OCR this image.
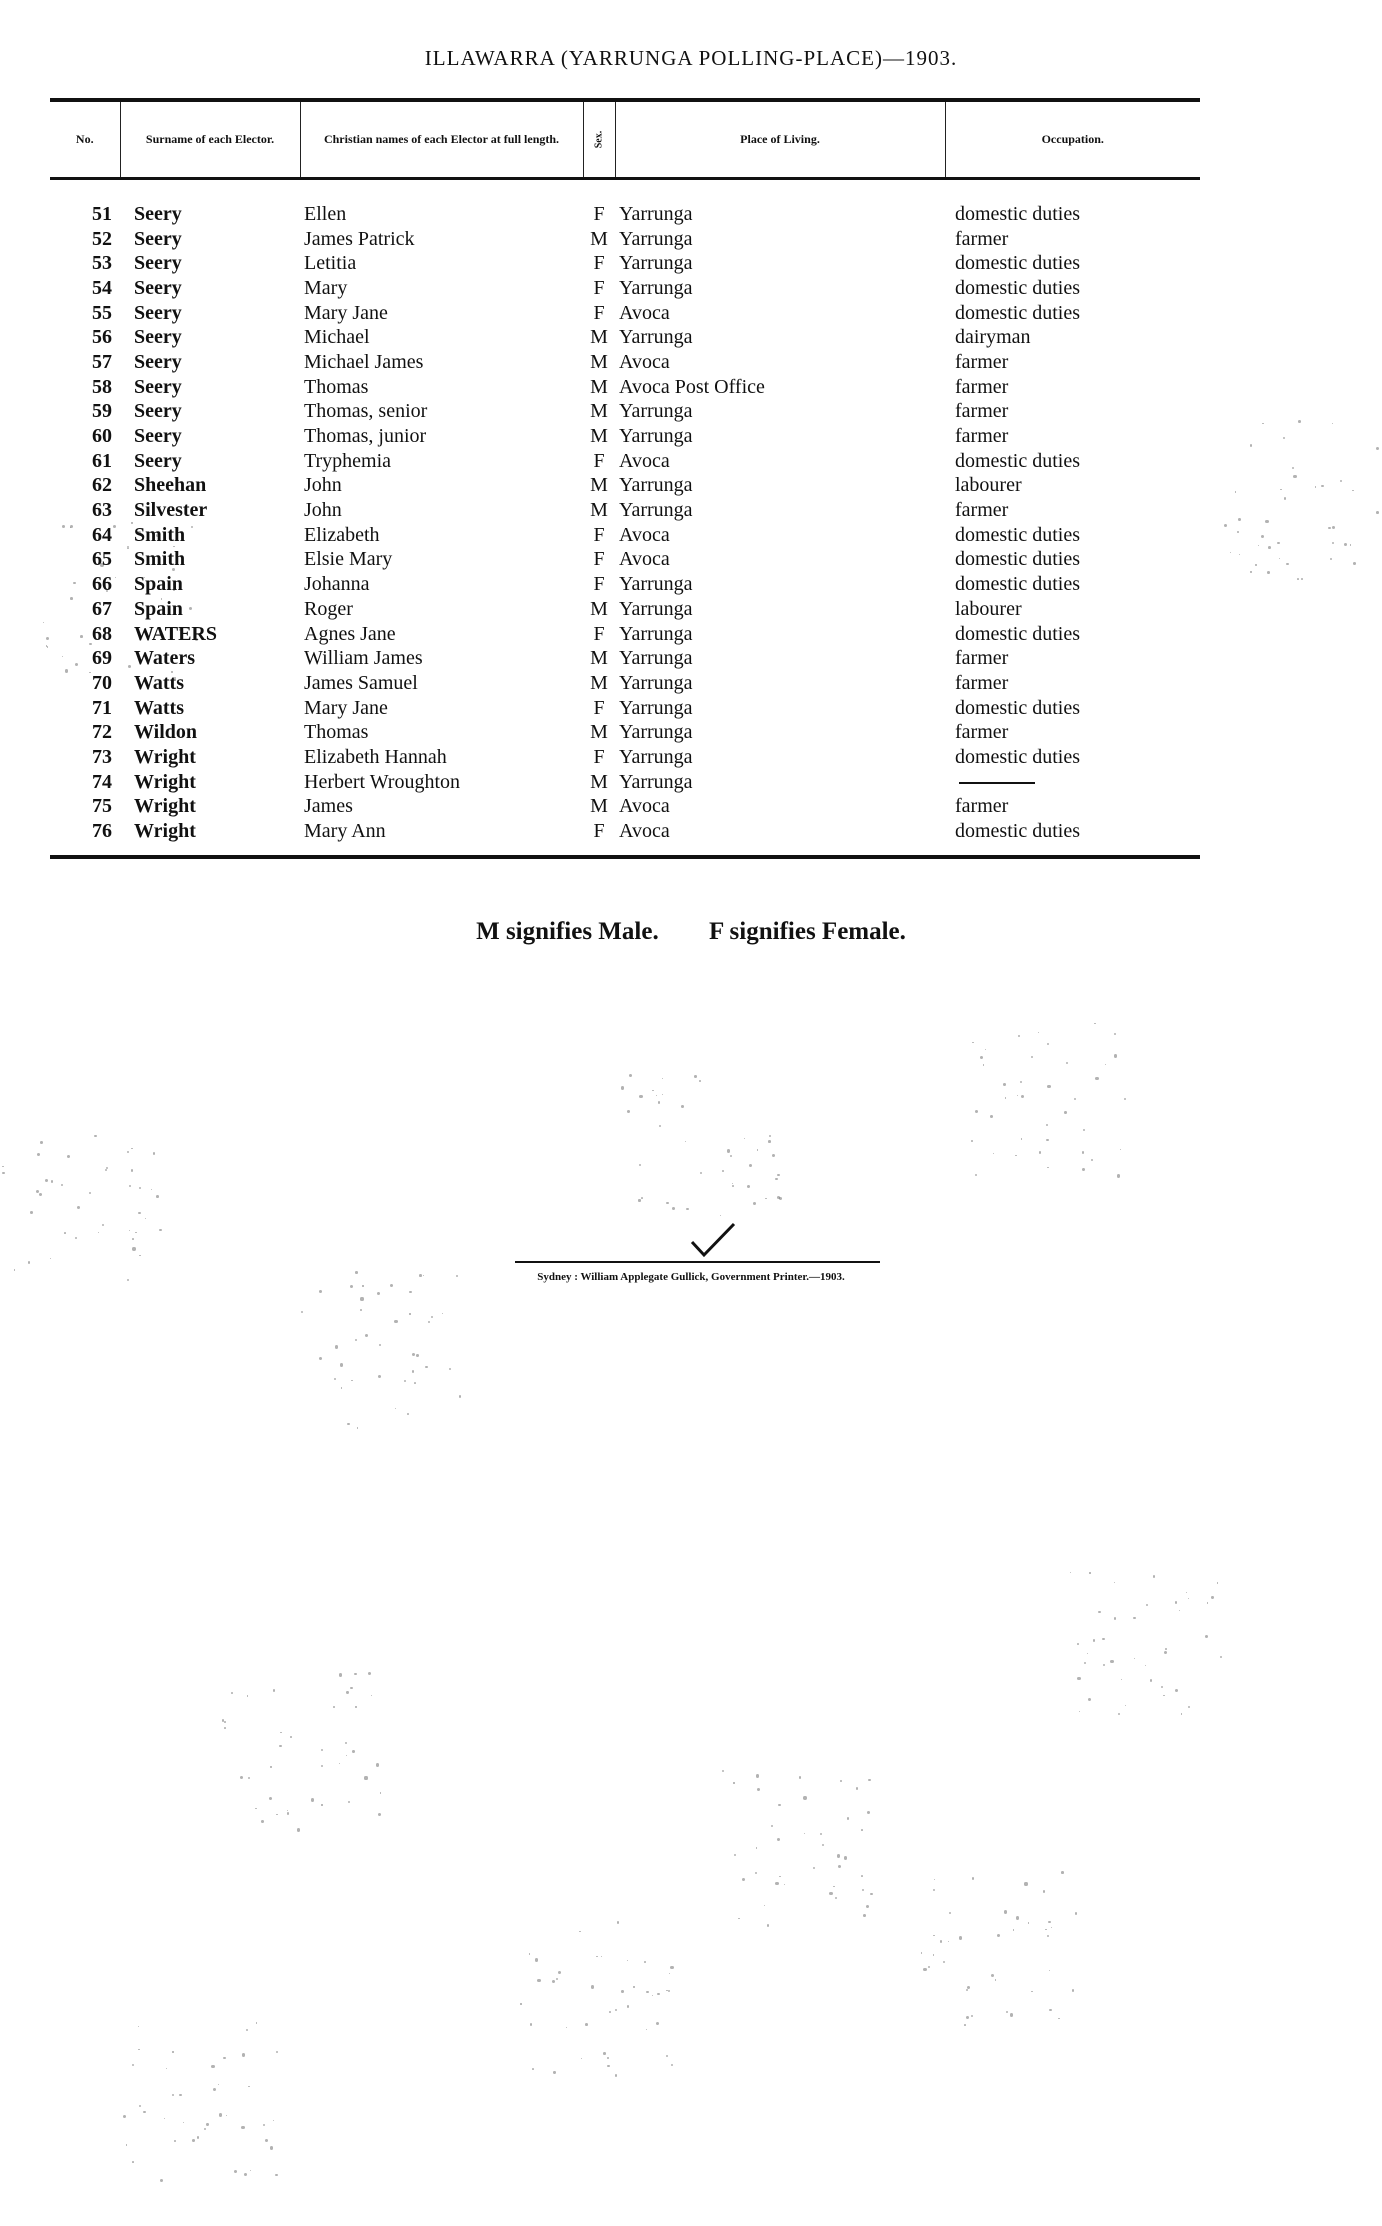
ILLAWARRA (YARRUNGA POLLING-PLACE)—1903.
No.	Surname of each Elector.	Christian names of each Elector at full length.	Sex.	Place of Living.	Occupation.

51	Seery	Ellen	F	Yarrunga	domestic duties
52	Seery	James Patrick	M	Yarrunga	farmer
53	Seery	Letitia	F	Yarrunga	domestic duties
54	Seery	Mary	F	Yarrunga	domestic duties
55	Seery	Mary Jane	F	Avoca	domestic duties
56	Seery	Michael	M	Yarrunga	dairyman
57	Seery	Michael James	M	Avoca	farmer
58	Seery	Thomas	M	Avoca Post Office	farmer
59	Seery	Thomas, senior	M	Yarrunga	farmer
60	Seery	Thomas, junior	M	Yarrunga	farmer
61	Seery	Tryphemia	F	Avoca	domestic duties
62	Sheehan	John	M	Yarrunga	labourer
63	Silvester	John	M	Yarrunga	farmer
64	Smith	Elizabeth	F	Avoca	domestic duties
65	Smith	Elsie Mary	F	Avoca	domestic duties
66	Spain	Johanna	F	Yarrunga	domestic duties
67	Spain	Roger	M	Yarrunga	labourer
68	WATERS	Agnes Jane	F	Yarrunga	domestic duties
69	Waters	William James	M	Yarrunga	farmer
70	Watts	James Samuel	M	Yarrunga	farmer
71	Watts	Mary Jane	F	Yarrunga	domestic duties
72	Wildon	Thomas	M	Yarrunga	farmer
73	Wright	Elizabeth Hannah	F	Yarrunga	domestic duties
74	Wright	Herbert Wroughton	M	Yarrunga	
75	Wright	James	M	Avoca	farmer
76	Wright	Mary Ann	F	Avoca	domestic duties

M signifies Male. F signifies Female.
Sydney : William Applegate Gullick, Government Printer.—1903.
